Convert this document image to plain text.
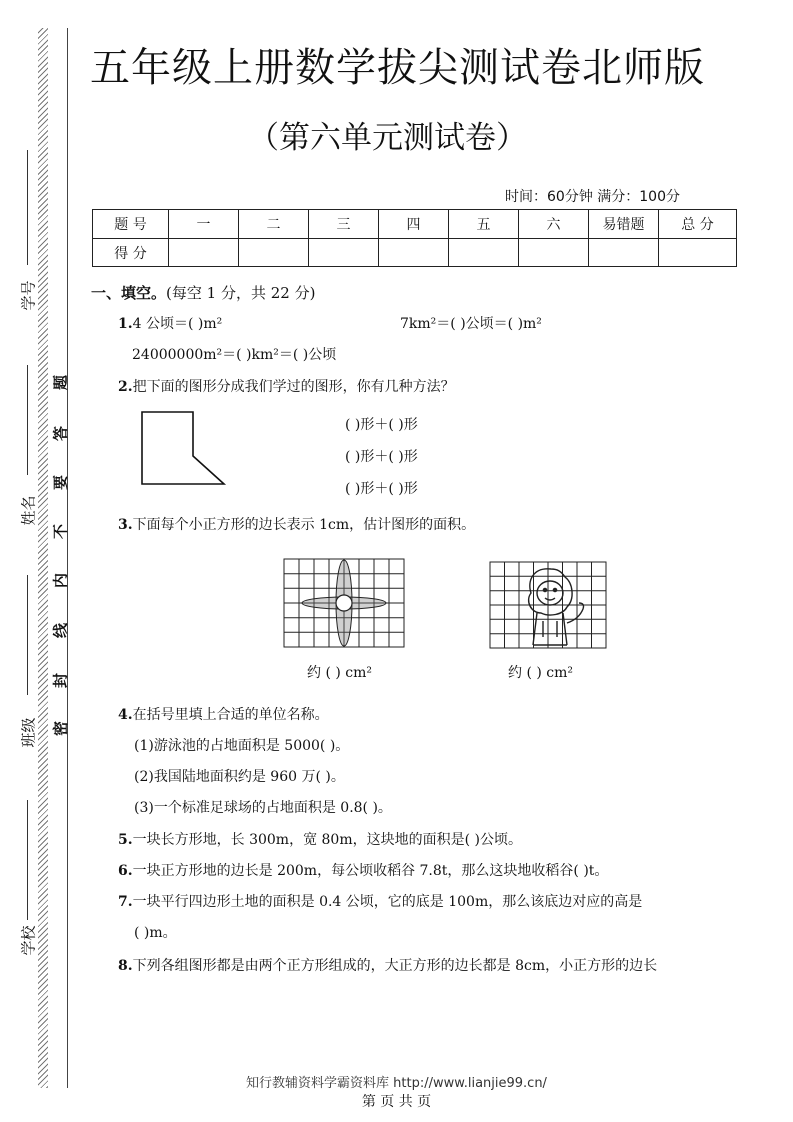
学号
姓名
班级
学校
题
答
要
不
内
线
封
密
五年级上册数学拔尖测试卷北师版
（第六单元测试卷）
时间：60分钟 满分：100分
题 号	一	二	三	四	五	六	易错题	总 分
得 分								
一、填空。(每空 1 分，共 22 分)
1.4 公顷＝( )m²	7km²＝( )公顷＝( )m²
24000000m²＝( )km²＝( )公顷
2.把下面的图形分成我们学过的图形，你有几种方法？
( )形＋( )形
( )形＋( )形
( )形＋( )形
3.下面每个小正方形的边长表示 1cm，估计图形的面积。
约 ( ) cm²	约 ( ) cm²
4.在括号里填上合适的单位名称。
(1)游泳池的占地面积是 5000( )。
(2)我国陆地面积约是 960 万( )。
(3)一个标准足球场的占地面积是 0.8( )。
5.一块长方形地，长 300m，宽 80m，这块地的面积是( )公顷。
6.一块正方形地的边长是 200m，每公顷收稻谷 7.8t，那么这块地收稻谷( )t。
7.一块平行四边形土地的面积是 0.4 公顷，它的底是 100m，那么该底边对应的高是
( )m。
8.下列各组图形都是由两个正方形组成的，大正方形的边长都是 8cm，小正方形的边长
知行教辅资料学霸资料库 http://www.lianjie99.cn/
第 页 共 页
